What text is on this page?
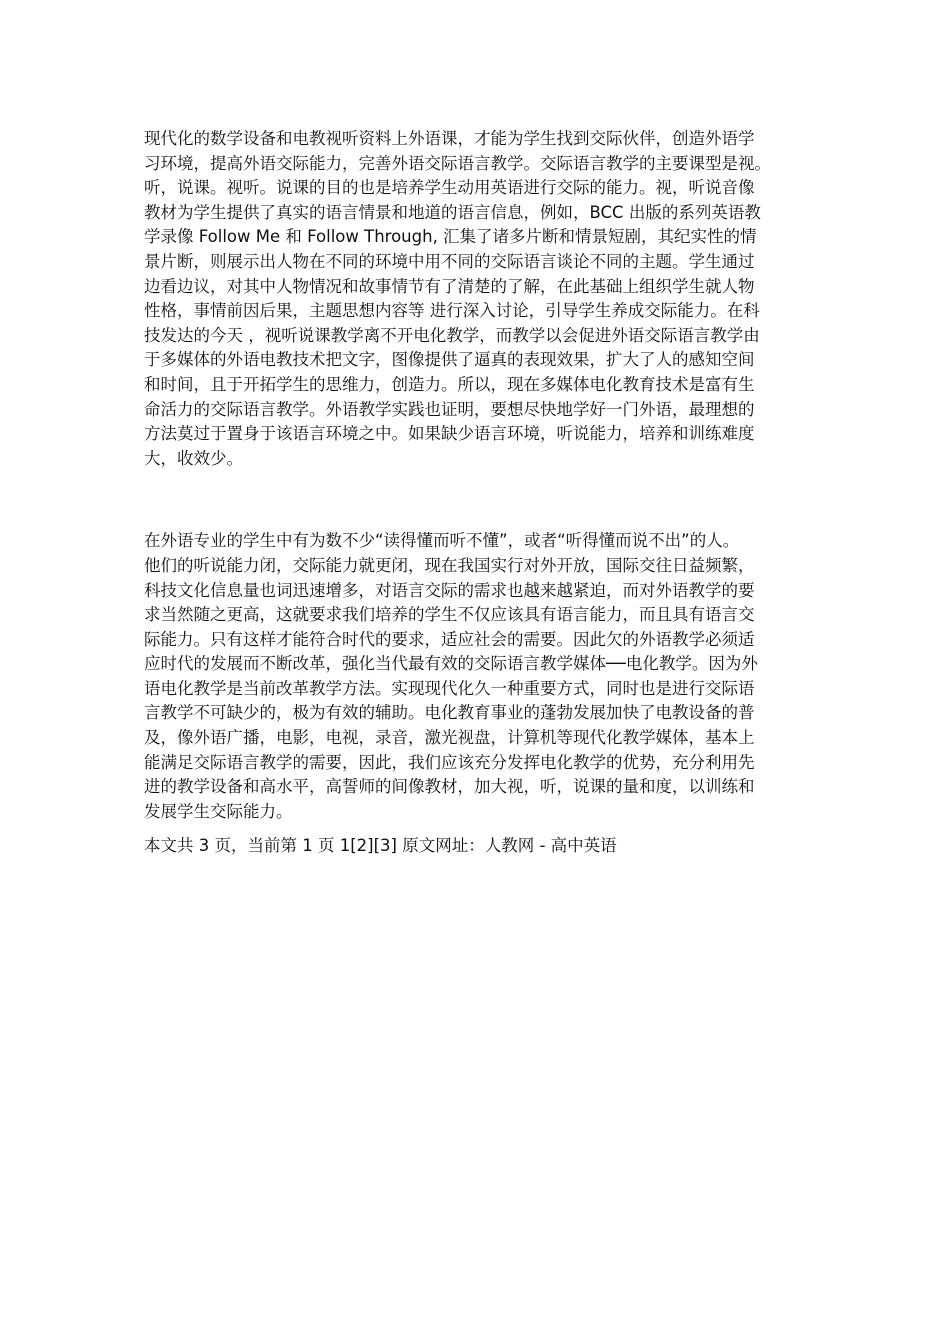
现代化的数学设备和电教视听资料上外语课，才能为学生找到交际伙伴，创造外语学
习环境，提高外语交际能力，完善外语交际语言教学。交际语言教学的主要课型是视。
听，说课。视听。说课的目的也是培养学生动用英语进行交际的能力。视，听说音像
教材为学生提供了真实的语言情景和地道的语言信息，例如，BCC 出版的系列英语教
学录像 Follow Me 和 Follow Through, 汇集了诸多片断和情景短剧，其纪实性的情
景片断，则展示出人物在不同的环境中用不同的交际语言谈论不同的主题。学生通过
边看边议，对其中人物情况和故事情节有了清楚的了解，在此基础上组织学生就人物
性格，事情前因后果，主题思想内容等 进行深入讨论，引导学生养成交际能力。在科
技发达的今天 ，视听说课教学离不开电化教学，而教学以会促进外语交际语言教学由
于多媒体的外语电教技术把文字，图像提供了逼真的表现效果，扩大了人的感知空间
和时间，且于开拓学生的思维力，创造力。所以，现在多媒体电化教育技术是富有生
命活力的交际语言教学。外语教学实践也证明，要想尽快地学好一门外语，最理想的
方法莫过于置身于该语言环境之中。如果缺少语言环境，听说能力，培养和训练难度
大，收效少。

在外语专业的学生中有为数不少“读得懂而听不懂”，或者“听得懂而说不出”的人。
他们的听说能力闭，交际能力就更闭，现在我国实行对外开放，国际交往日益频繁，
科技文化信息量也词迅速增多，对语言交际的需求也越来越紧迫，而对外语教学的要
求当然随之更高，这就要求我们培养的学生不仅应该具有语言能力，而且具有语言交
际能力。只有这样才能符合时代的要求，适应社会的需要。因此欠的外语教学必须适
应时代的发展而不断改革，强化当代最有效的交际语言教学媒体──电化教学。因为外
语电化教学是当前改革教学方法。实现现代化久一种重要方式，同时也是进行交际语
言教学不可缺少的，极为有效的辅助。电化教育事业的蓬勃发展加快了电教设备的普
及，像外语广播，电影，电视，录音，激光视盘，计算机等现代化教学媒体，基本上
能满足交际语言教学的需要，因此，我们应该充分发挥电化教学的优势，充分利用先
进的教学设备和高水平，高誓师的间像教材，加大视，听，说课的量和度，以训练和
发展学生交际能力。

本文共 3 页，当前第 1 页 1[2][3] 原文网址：人教网 - 高中英语
